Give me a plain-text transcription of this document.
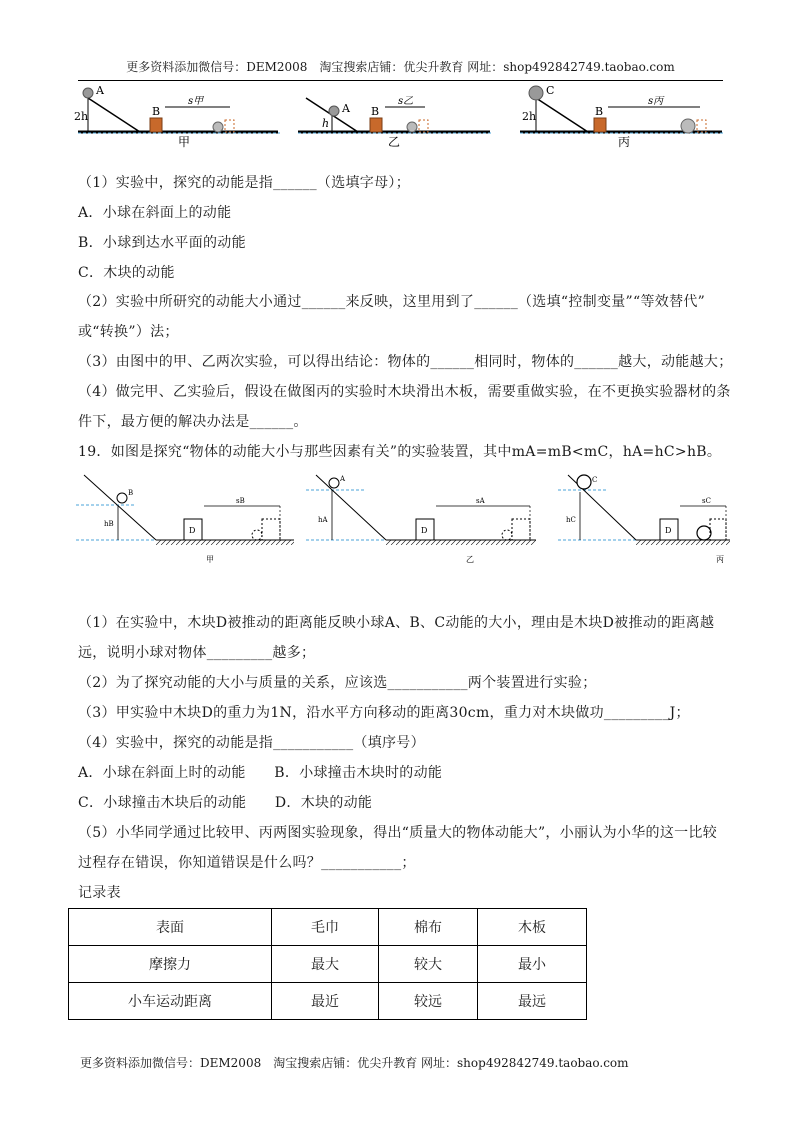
更多资料添加微信号：DEM2008　淘宝搜索店铺：优尖升教育 网址：shop492842749.taobao.com
A
2h	B
s甲
甲
A
h
B
s乙
乙
C
2h	B
s丙
丙
（1）实验中，探究的动能是指______（选填字母）；
A．小球在斜面上的动能
B．小球到达水平面的动能
C．木块的动能
（2）实验中所研究的动能大小通过______来反映，这里用到了______（选填“控制变量”“等效替代”
或“转换”）法；
（3）由图中的甲、乙两次实验，可以得出结论：物体的______相同时，物体的______越大，动能越大；
（4）做完甲、乙实验后，假设在做图丙的实验时木块滑出木板，需要重做实验，在不更换实验器材的条
件下，最方便的解决办法是______。
19．如图是探究“物体的动能大小与那些因素有关”的实验装置，其中mA=mB<mC，hA=hC>hB。
B
hB
D
sB
甲
A
hA
D
sA
乙
C
hC
D
sC
丙
（1）在实验中，木块D被推动的距离能反映小球A、B、C动能的大小，理由是木块D被推动的距离越
远，说明小球对物体_________越多；
（2）为了探究动能的大小与质量的关系，应该选___________两个装置进行实验；
（3）甲实验中木块D的重力为1N，沿水平方向移动的距离30cm，重力对木块做功_________J；
（4）实验中，探究的动能是指___________（填序号）
A．小球在斜面上时的动能　　B．小球撞击木块时的动能
C．小球撞击木块后的动能　　D．木块的动能
（5）小华同学通过比较甲、丙两图实验现象，得出“质量大的物体动能大”，小丽认为小华的这一比较
过程存在错误，你知道错误是什么吗？___________；
记录表
表面	毛巾	棉布	木板
摩擦力	最大	较大	最小
小车运动距离	最近	较远	最远
更多资料添加微信号：DEM2008　淘宝搜索店铺：优尖升教育 网址：shop492842749.taobao.com
